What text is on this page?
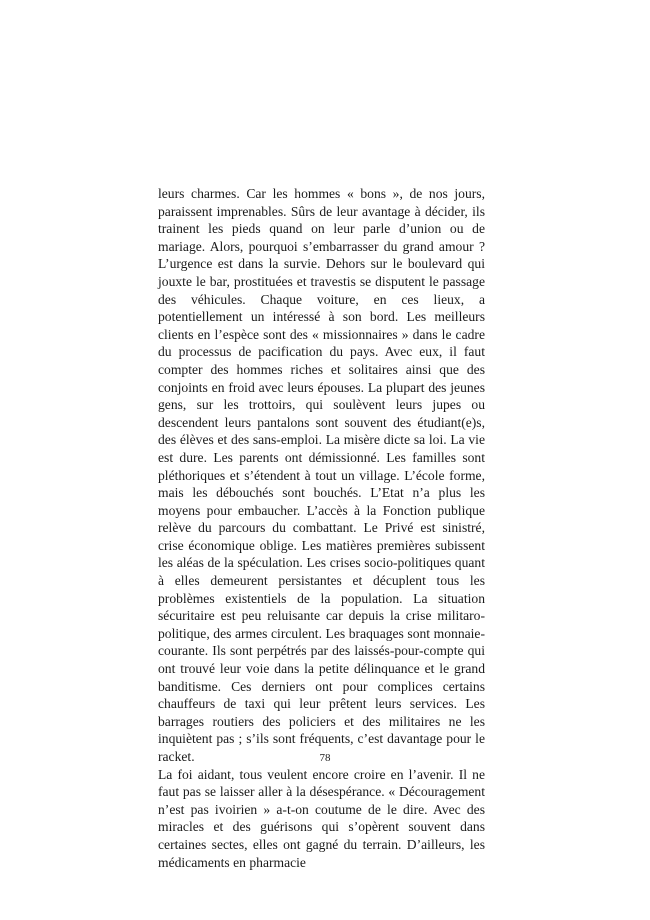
leurs charmes. Car les hommes « bons », de nos jours, paraissent imprenables. Sûrs de leur avantage à décider, ils trainent les pieds quand on leur parle d’union ou de mariage. Alors, pourquoi s’embarrasser du grand amour ? L’urgence est dans la survie. Dehors sur le boulevard qui jouxte le bar, prostituées et travestis se disputent le passage des véhicules. Chaque voiture, en ces lieux, a potentiellement un intéressé à son bord. Les meilleurs clients en l’espèce sont des « missionnaires » dans le cadre du processus de pacification du pays. Avec eux, il faut compter des hommes riches et solitaires ainsi que des conjoints en froid avec leurs épouses. La plupart des jeunes gens, sur les trottoirs, qui soulèvent leurs jupes ou descendent leurs pantalons sont souvent des étudiant(e)s, des élèves et des sans-emploi. La misère dicte sa loi. La vie est dure. Les parents ont démissionné. Les familles sont pléthoriques et s’étendent à tout un village. L’école forme, mais les débouchés sont bouchés. L’Etat n’a plus les moyens pour embaucher. L’accès à la Fonction publique relève du parcours du combattant. Le Privé est sinistré, crise économique oblige. Les matières premières subissent les aléas de la spéculation. Les crises socio-politiques quant à elles demeurent persistantes et décuplent tous les problèmes existentiels de la population. La situation sécuritaire est peu reluisante car depuis la crise militaro-politique, des armes circulent. Les braquages sont monnaie-courante. Ils sont perpétrés par des laissés-pour-compte qui ont trouvé leur voie dans la petite délinquance et le grand banditisme. Ces derniers ont pour complices certains chauffeurs de taxi qui leur prêtent leurs services. Les barrages routiers des policiers et des militaires ne les inquiètent pas ; s’ils sont fréquents, c’est davantage pour le racket.

La foi aidant, tous veulent encore croire en l’avenir. Il ne faut pas se laisser aller à la désespérance. « Découragement n’est pas ivoirien » a-t-on coutume de le dire. Avec des miracles et des guérisons qui s’opèrent souvent dans certaines sectes, elles ont gagné du terrain. D’ailleurs, les médicaments en pharmacie

78
